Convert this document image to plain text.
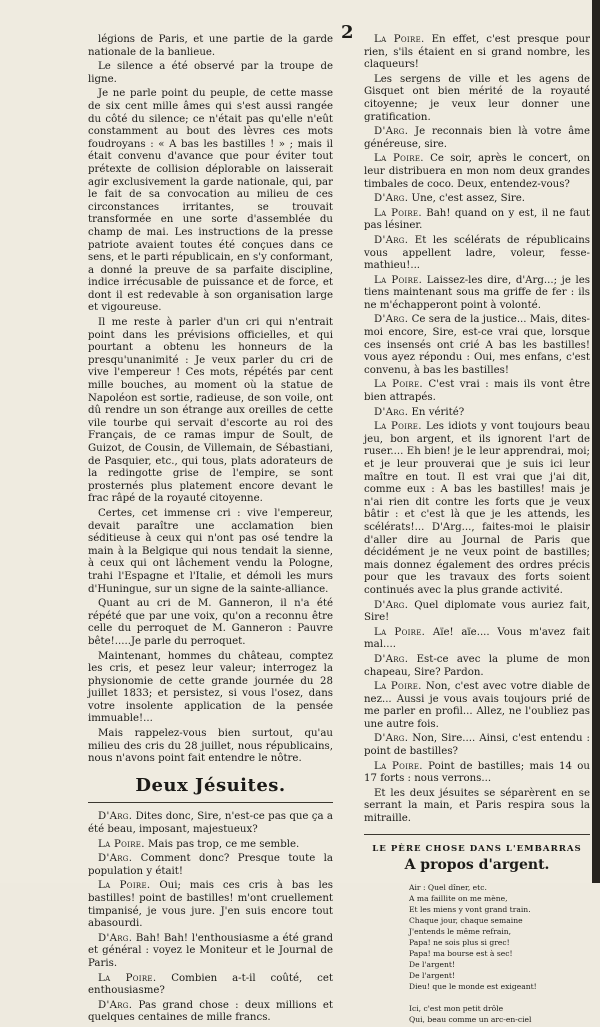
2

légions de Paris, et une partie de la garde nationale de la banlieue.

Le silence a été observé par la troupe de ligne.

Je ne parle point du peuple, de cette masse de six cent mille âmes qui s'est aussi rangée du côté du silence; ce n'était pas qu'elle n'eût constamment au bout des lèvres ces mots foudroyans : « A bas les bastilles ! » ; mais il était convenu d'avance que pour éviter tout prétexte de collision déplorable on laisserait agir exclusivement la garde nationale, qui, par le fait de sa convocation au milieu de ces circonstances irritantes, se trouvait transformée en une sorte d'assemblée du champ de mai. Les instructions de la presse patriote avaient toutes été conçues dans ce sens, et le parti républicain, en s'y conformant, a donné la preuve de sa parfaite discipline, indice irrécusable de puissance et de force, et dont il est redevable à son organisation large et vigoureuse.

Il me reste à parler d'un cri qui n'entrait point dans les prévisions officielles, et qui pourtant a obtenu les honneurs de la presqu'unanimité : Je veux parler du cri de vive l'empereur ! Ces mots, répétés par cent mille bouches, au moment où la statue de Napoléon est sortie, radieuse, de son voile, ont dû rendre un son étrange aux oreilles de cette vile tourbe qui servait d'escorte au roi des Français, de ce ramas impur de Soult, de Guizot, de Cousin, de Villemain, de Sébastiani, de Pasquier, etc., qui tous, plats adorateurs de la redingotte grise de l'empire, se sont prosternés plus platement encore devant le frac râpé de la royauté citoyenne.

Certes, cet immense cri : vive l'empereur, devait paraître une acclamation bien séditieuse à ceux qui n'ont pas osé tendre la main à la Belgique qui nous tendait la sienne, à ceux qui ont lâchement vendu la Pologne, trahi l'Espagne et l'Italie, et démoli les murs d'Huningue, sur un signe de la sainte-alliance.

Quant au cri de M. Ganneron, il n'a été répété que par une voix, qu'on a reconnu être celle du perroquet de M. Ganneron : Pauvre bête!.....Je parle du perroquet.

Maintenant, hommes du château, comptez les cris, et pesez leur valeur; interrogez la physionomie de cette grande journée du 28 juillet 1833; et persistez, si vous l'osez, dans votre insolente application de la pensée immuable!...

Mais rappelez-vous bien surtout, qu'au milieu des cris du 28 juillet, nous républicains, nous n'avons point fait entendre le nôtre.

Deux Jésuites.

D'Arg. Dites donc, Sire, n'est-ce pas que ça a été beau, imposant, majestueux?

La Poire. Mais pas trop, ce me semble.

D'Arg. Comment donc? Presque toute la population y était!

La Poire. Oui; mais ces cris à bas les bastilles! point de bastilles! m'ont cruellement timpanisé, je vous jure. J'en suis encore tout abasourdi.

D'Arg. Bah! Bah! l'enthousiasme a été grand et général : voyez le Moniteur et le Journal de Paris.

La Poire. Combien a-t-il coûté, cet enthousiasme?

D'Arg. Pas grand chose : deux millions et quelques centaines de mille francs.

La Poire. En effet, c'est presque pour rien, s'ils étaient en si grand nombre, les claqueurs!

Les sergens de ville et les agens de Gisquet ont bien mérité de la royauté citoyenne; je veux leur donner une gratification.

D'Arg. Je reconnais bien là votre âme généreuse, sire.

La Poire. Ce soir, après le concert, on leur distribuera en mon nom deux grandes timbales de coco. Deux, entendez-vous?

D'Arg. Une, c'est assez, Sire.

La Poire. Bah! quand on y est, il ne faut pas lésiner.

D'Arg. Et les scélérats de républicains vous appellent ladre, voleur, fesse-mathieu!...

La Poire. Laissez-les dire, d'Arg...; je les tiens maintenant sous ma griffe de fer : ils ne m'échapperont point à volonté.

D'Arg. Ce sera de la justice... Mais, dites-moi encore, Sire, est-ce vrai que, lorsque ces insensés ont crié A bas les bastilles! vous ayez répondu : Oui, mes enfans, c'est convenu, à bas les bastilles!

La Poire. C'est vrai : mais ils vont être bien attrapés.

D'Arg. En vérité?

La Poire. Les idiots y vont toujours beau jeu, bon argent, et ils ignorent l'art de ruser.... Eh bien! je le leur apprendrai, moi; et je leur prouverai que je suis ici leur maître en tout. Il est vrai que j'ai dit, comme eux : A bas les bastilles! mais je n'ai rien dit contre les forts que je veux bâtir : et c'est là que je les attends, les scélérats!... D'Arg..., faites-moi le plaisir d'aller dire au Journal de Paris que décidément je ne veux point de bastilles; mais donnez également des ordres précis pour que les travaux des forts soient continués avec la plus grande activité.

D'Arg. Quel diplomate vous auriez fait, Sire!

La Poire. Aïe! aïe.... Vous m'avez fait mal....

D'Arg. Est-ce avec la plume de mon chapeau, Sire? Pardon.

La Poire. Non, c'est avec votre diable de nez... Aussi je vous avais toujours prié de me parler en profil... Allez, ne l'oubliez pas une autre fois.

D'Arg. Non, Sire.... Ainsi, c'est entendu : point de bastilles?

La Poire. Point de bastilles; mais 14 ou 17 forts : nous verrons...

Et les deux jésuites se séparèrent en se serrant la main, et Paris respira sous la mitraille.

LE PÈRE CHOSE DANS L'EMBARRAS
A propos d'argent.
Air : Quel dîner, etc.
A ma faillite on me mène,
Et les miens y vont grand train.
Chaque jour, chaque semaine
J'entends le même refrain,
Papa! ne sois plus si grec!
Papa! ma bourse est à sec!
De l'argent!
De l'argent!
Dieu! que le monde est exigeant!

Ici, c'est mon petit drôle
Qui, beau comme un arc-en-ciel
